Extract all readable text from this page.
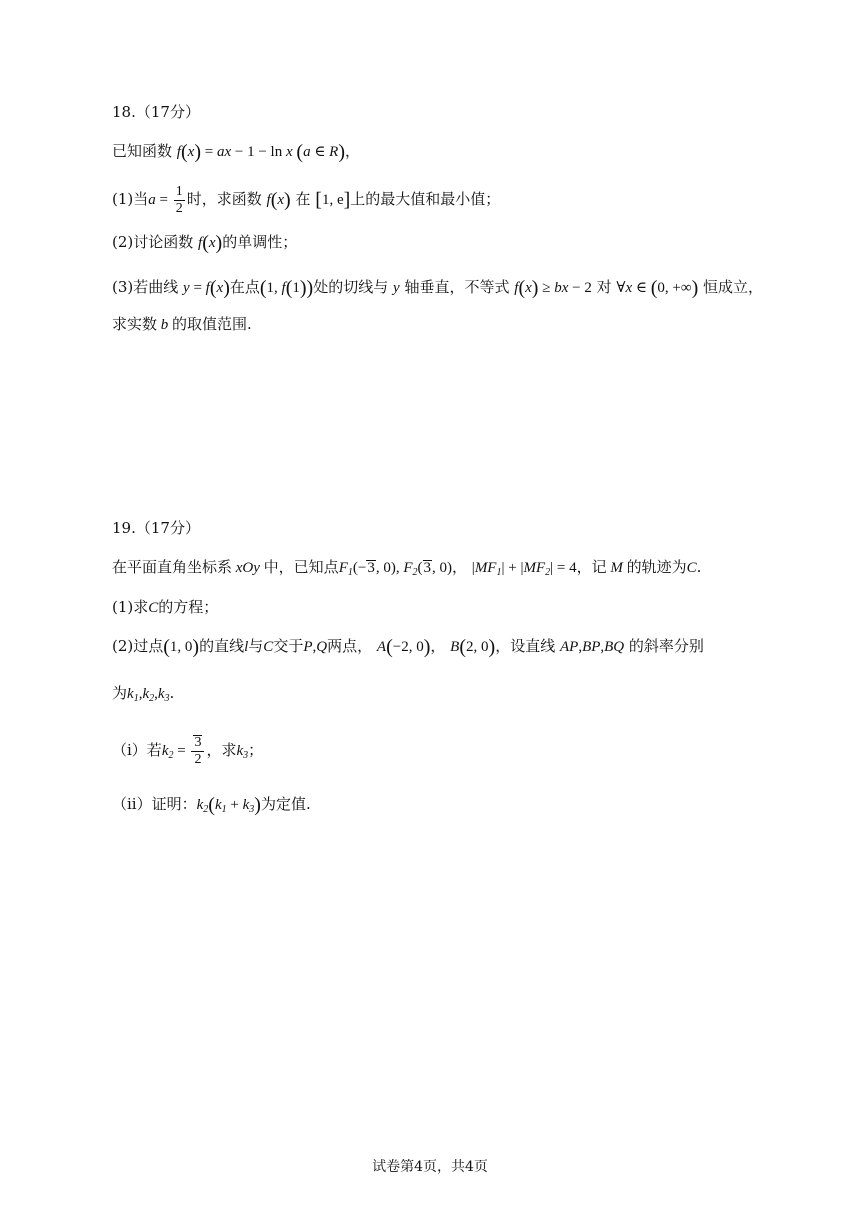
18.（17分）
已知函数 f(x) = ax − 1 − ln x (a ∈ R)，
(1)当$a = \frac{1}{2}$ 时，求函数 f(x) 在 [1, e]上的最大值和最小值；
(2)讨论函数 f(x)的单调性；
(3)若曲线 y = f(x)在点(1, f(1))处的切线与 y 轴垂直，不等式 f(x) ≥ bx − 2 对 ∀x ∈ (0, +∞) 恒成立，
求实数 b 的取值范围.
19.（17分）
在平面直角坐标系 xOy 中，已知点$F_1(-3$, 0), $F_2(3$, 0)， $|MF_1| + |MF_2| = 4$，记 M 的轨迹为C.
(1)求C的方程；
(2)过点(1, 0)的直线l与C交于P,Q两点， A(−2, 0)， B(2, 0)，设直线 AP,BP,BQ 的斜率分别
为$k_1,k_2,k_3$.
（i）若$k_2 = \frac{3}{2}$ ，求$k_3$；
（ii）证明：$k_2(k_1 + k_3)$为定值.
试卷第4页，共4页
